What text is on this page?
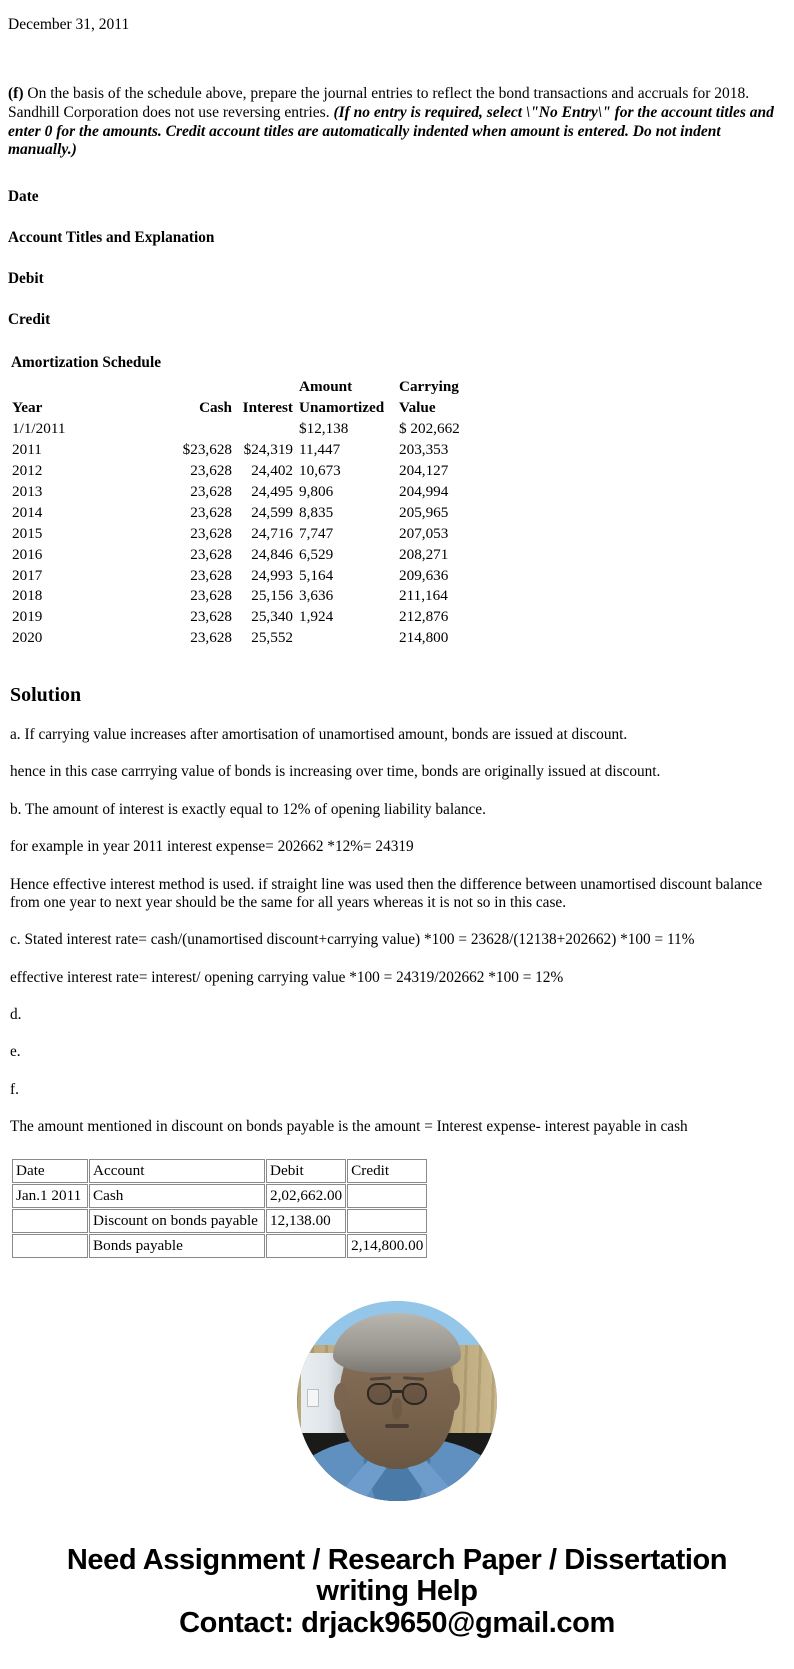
December 31, 2011
(f) On the basis of the schedule above, prepare the journal entries to reflect the bond transactions and accruals for 2018. Sandhill Corporation does not use reversing entries. (If no entry is required, select \"No Entry\" for the account titles and enter 0 for the amounts. Credit account titles are automatically indented when amount is entered. Do not indent manually.)
Date
Account Titles and Explanation
Debit
Credit
Amortization Schedule
			Amount	Carrying
Year	Cash	Interest	Unamortized	Value
1/1/2011			$12,138	$ 202,662
2011	$23,628	$24,319	11,447	203,353
2012	23,628	24,402	10,673	204,127
2013	23,628	24,495	9,806	204,994
2014	23,628	24,599	8,835	205,965
2015	23,628	24,716	7,747	207,053
2016	23,628	24,846	6,529	208,271
2017	23,628	24,993	5,164	209,636
2018	23,628	25,156	3,636	211,164
2019	23,628	25,340	1,924	212,876
2020	23,628	25,552		214,800
Solution
a. If carrying value increases after amortisation of unamortised amount, bonds are issued at discount.
hence in this case carrrying value of bonds is increasing over time, bonds are originally issued at discount.
b. The amount of interest is exactly equal to 12% of opening liability balance.
for example in year 2011 interest expense= 202662 *12%= 24319
Hence effective interest method is used. if straight line was used then the difference between unamortised discount balance from one year to next year should be the same for all years whereas it is not so in this case.
c. Stated interest rate= cash/(unamortised discount+carrying value) *100 = 23628/(12138+202662) *100 = 11%
effective interest rate= interest/ opening carrying value *100 = 24319/202662 *100 = 12%
d.
e.
f.
The amount mentioned in discount on bonds payable is the amount = Interest expense- interest payable in cash
Date	Account	Debit	Credit
Jan.1 2011	Cash	2,02,662.00	
	Discount on bonds payable	12,138.00	
	Bonds payable		2,14,800.00
Need Assignment / Research Paper / Dissertation
writing Help
Contact: drjack9650@gmail.com
